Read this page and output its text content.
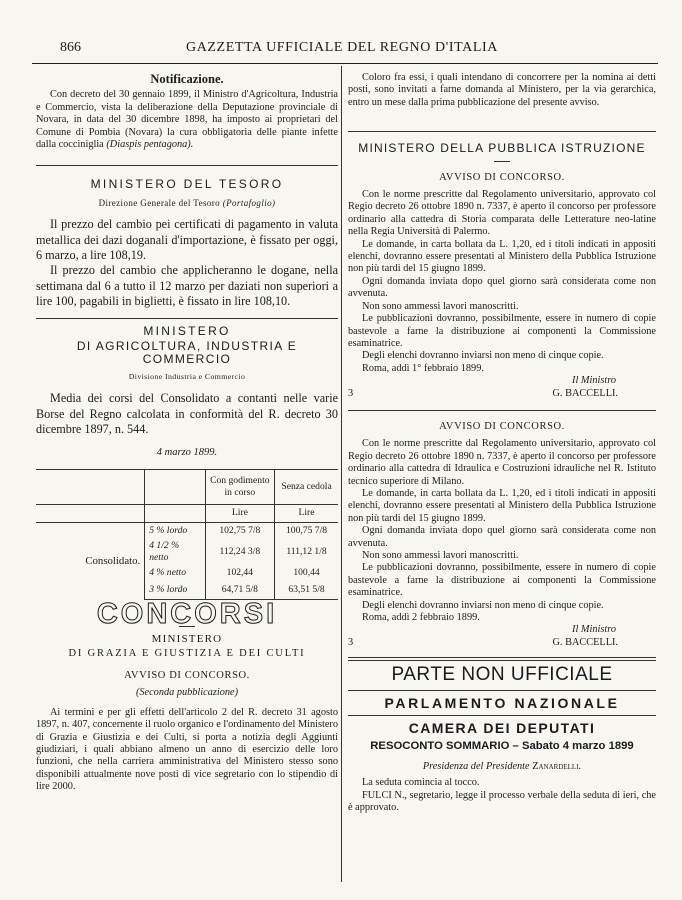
866	GAZZETTA UFFICIALE DEL REGNO D'ITALIA
Notificazione.

Con decreto del 30 gennaio 1899, il Ministro d'Agricoltura, Industria e Commercio, vista la deliberazione della Deputazione provinciale di Novara, in data del 30 dicembre 1898, ha imposto ai proprietari del Comune di Pombia (Novara) la cura obbligatoria delle piante infette dalla cocciniglia (Diaspis pentagona).

MINISTERO DEL TESORO
Direzione Generale del Tesoro (Portafoglio)

Il prezzo del cambio pei certificati di pagamento in valuta metallica dei dazi doganali d'importazione, è fissato per oggi, 6 marzo, a lire 108,19.

Il prezzo del cambio che applicheranno le dogane, nella settimana dal 6 a tutto il 12 marzo per daziati non superiori a lire 100, pagabili in biglietti, è fissato in lire 108,10.

MINISTERO
DI AGRICOLTURA, INDUSTRIA E COMMERCIO
Divisione Industria e Commercio

Media dei corsi del Consolidato a contanti nelle varie Borse del Regno calcolata in conformità del R. decreto 30 dicembre 1897, n. 544.

4 marzo 1899.
		Con godimento in corso	Senza cedola
		Lire	Lire
Consolidato.	5 % lordo	102,75 7/8	100,75 7/8
	4 1/2 % netto	112,24 3/8	111,12 1/8
	4 % netto	102,44	100,44
	3 % lordo	64,71 5/8	63,51 5/8
CONCORSI
MINISTERO
DI GRAZIA E GIUSTIZIA E DEI CULTI
AVVISO DI CONCORSO.
(Seconda pubblicazione)

Ai termini e per gli effetti dell'articolo 2 del R. decreto 31 agosto 1897, n. 407, concernente il ruolo organico e l'ordinamento del Ministero di Grazia e Giustizia e dei Culti, si porta a notizia degli Aggiunti giudiziari, i quali abbiano almeno un anno di esercizio delle loro funzioni, che nella carriera amministrativa del Ministero stesso sono disponibili attualmente nove posti di vice segretario con lo stipendio di lire 2000.

Coloro fra essi, i quali intendano di concorrere per la nomina ai detti posti, sono invitati a farne domanda al Ministero, per la via gerarchica, entro un mese dalla prima pubblicazione del presente avviso.

MINISTERO DELLA PUBBLICA ISTRUZIONE
AVVISO DI CONCORSO.

Con le norme prescritte dal Regolamento universitario, approvato col Regio decreto 26 ottobre 1890 n. 7337, è aperto il concorso per professore ordinario alla cattedra di Storia comparata delle Letterature neo-latine nella Regia Università di Palermo.

Le domande, in carta bollata da L. 1,20, ed i titoli indicati in appositi elenchi, dovranno essere presentati al Ministero della Pubblica Istruzione non più tardi del 15 giugno 1899.

Ogni domanda inviata dopo quel giorno sarà considerata come non avvenuta.

Non sono ammessi lavori manoscritti.

Le pubblicazioni dovranno, possibilmente, essere in numero di copie bastevole a farne la distribuzione ai componenti la Commissione esaminatrice.

Degli elenchi dovranno inviarsi non meno di cinque copie.

Roma, addì 1° febbraio 1899.

Il Ministro

3	G. BACCELLI.
AVVISO DI CONCORSO.

Con le norme prescritte dal Regolamento universitario, approvato col Regio decreto 26 ottobre 1890 n. 7337, è aperto il concorso per professore ordinario alla cattedra di Idraulica e Costruzioni idrauliche nel R. Istituto tecnico superiore di Milano.

Le domande, in carta bollata da L. 1,20, ed i titoli indicati in appositi elenchi, dovranno essere presentati al Ministero della Pubblica Istruzione non più tardi del 15 giugno 1899.

Ogni domanda inviata dopo quel giorno sarà considerata come non avvenuta.

Non sono ammessi lavori manoscritti.

Le pubblicazioni dovranno, possibilmente, essere in numero di copie bastevole a farne la distribuzione ai componenti la Commissione esaminatrice.

Degli elenchi dovranno inviarsi non meno di cinque copie.

Roma, addì 2 febbraio 1899.

Il Ministro

3	G. BACCELLI.
PARTE NON UFFICIALE
PARLAMENTO NAZIONALE
CAMERA DEI DEPUTATI
RESOCONTO SOMMARIO – Sabato 4 marzo 1899
Presidenza del Presidente Zanardelli.

La seduta comincia al tocco.

FULCI N., segretario, legge il processo verbale della seduta di ieri, che è approvato.
